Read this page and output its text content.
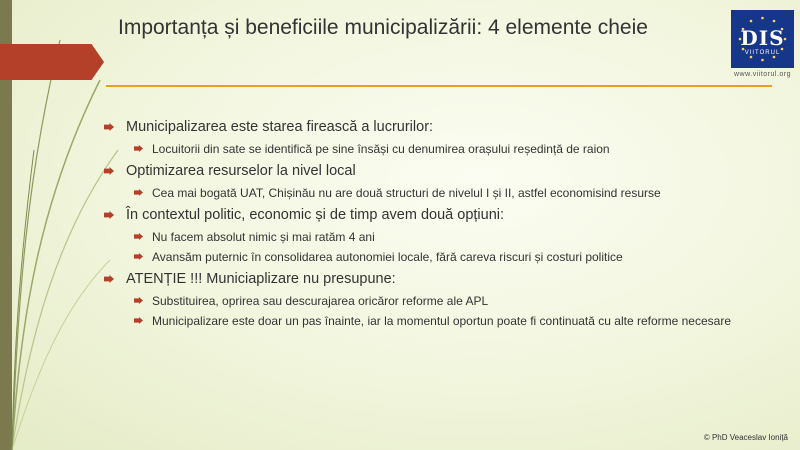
Importanța și beneficiile municipalizării: 4 elemente cheie	DIS
VIITORUL
www.viitorul.org
Municipalizarea este starea firească a lucrurilor:
Locuitorii din sate se identifică pe sine însăși cu denumirea orașului reședință de raion
Optimizarea resurselor la nivel local
Cea mai bogată UAT, Chișinău nu are două structuri de nivelul I și II, astfel economisind resurse
În contextul politic, economic și de timp avem două opțiuni:
Nu facem absolut nimic și mai ratăm 4 ani
Avansăm puternic în consolidarea autonomiei locale, fără careva riscuri și costuri politice
ATENȚIE !!! Municiaplizare nu presupune:
Substituirea, oprirea sau descurajarea oricăror reforme ale APL
Municipalizare este doar un pas înainte, iar la momentul oportun poate fi continuată cu alte reforme necesare
© PhD Veaceslav Ioniță
